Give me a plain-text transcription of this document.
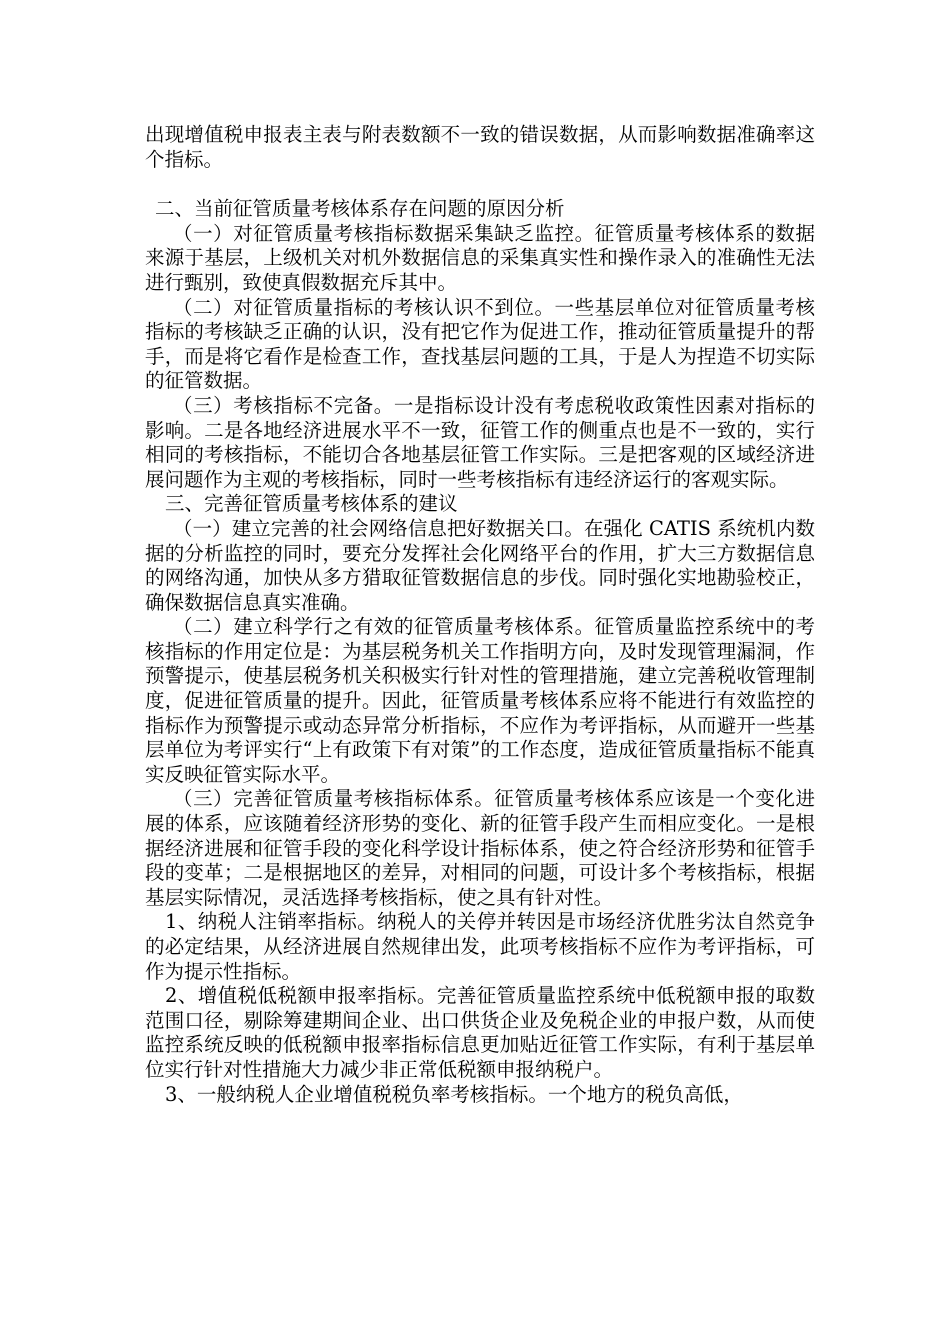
出现增值税申报表主表与附表数额不一致的错误数据，从而影响数据准确率这个指标。

二、当前征管质量考核体系存在问题的原因分析

（一）对征管质量考核指标数据采集缺乏监控。征管质量考核体系的数据来源于基层，上级机关对机外数据信息的采集真实性和操作录入的准确性无法进行甄别，致使真假数据充斥其中。

（二）对征管质量指标的考核认识不到位。一些基层单位对征管质量考核指标的考核缺乏正确的认识，没有把它作为促进工作，推动征管质量提升的帮手，而是将它看作是检查工作，查找基层问题的工具，于是人为捏造不切实际的征管数据。

（三）考核指标不完备。一是指标设计没有考虑税收政策性因素对指标的影响。二是各地经济进展水平不一致，征管工作的侧重点也是不一致的，实行相同的考核指标，不能切合各地基层征管工作实际。三是把客观的区域经济进展问题作为主观的考核指标，同时一些考核指标有违经济运行的客观实际。

三、完善征管质量考核体系的建议

（一）建立完善的社会网络信息把好数据关口。在强化 CATIS 系统机内数据的分析监控的同时，要充分发挥社会化网络平台的作用，扩大三方数据信息的网络沟通，加快从多方猎取征管数据信息的步伐。同时强化实地勘验校正，确保数据信息真实准确。

（二）建立科学行之有效的征管质量考核体系。征管质量监控系统中的考核指标的作用定位是：为基层税务机关工作指明方向，及时发现管理漏洞，作预警提示，使基层税务机关积极实行针对性的管理措施，建立完善税收管理制度，促进征管质量的提升。因此，征管质量考核体系应将不能进行有效监控的指标作为预警提示或动态异常分析指标，不应作为考评指标，从而避开一些基层单位为考评实行“上有政策下有对策”的工作态度，造成征管质量指标不能真实反映征管实际水平。

（三）完善征管质量考核指标体系。征管质量考核体系应该是一个变化进展的体系，应该随着经济形势的变化、新的征管手段产生而相应变化。一是根据经济进展和征管手段的变化科学设计指标体系，使之符合经济形势和征管手段的变革；二是根据地区的差异，对相同的问题，可设计多个考核指标，根据基层实际情况，灵活选择考核指标，使之具有针对性。

1、纳税人注销率指标。纳税人的关停并转因是市场经济优胜劣汰自然竞争的必定结果，从经济进展自然规律出发，此项考核指标不应作为考评指标，可作为提示性指标。

2、增值税低税额申报率指标。完善征管质量监控系统中低税额申报的取数范围口径，剔除筹建期间企业、出口供货企业及免税企业的申报户数，从而使监控系统反映的低税额申报率指标信息更加贴近征管工作实际，有利于基层单位实行针对性措施大力减少非正常低税额申报纳税户。

3、一般纳税人企业增值税税负率考核指标。一个地方的税负高低，
